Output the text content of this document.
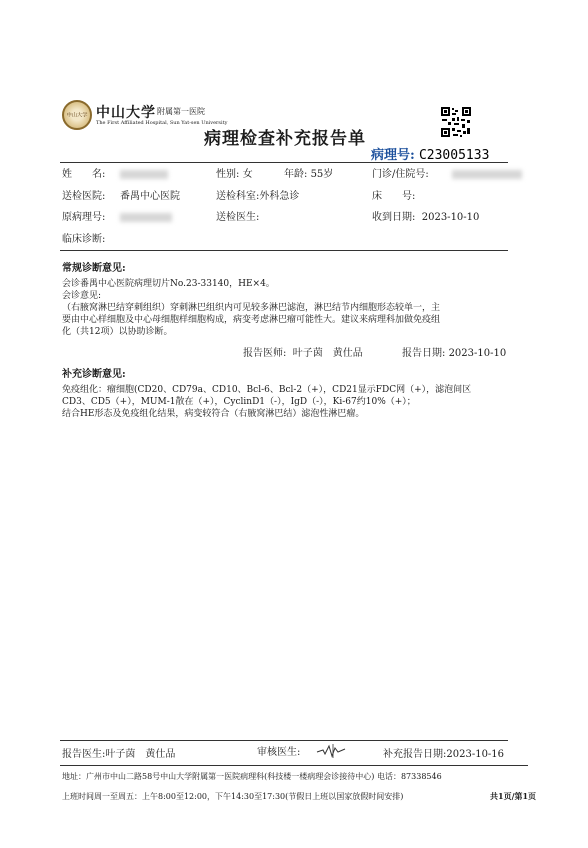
中山大学 中山大学 附属第一医院
The First Affiliated Hospital, Sun Yat-sen University
病理检查补充报告单
病理号: C23005133
姓　　名:	性别: 女	年龄: 55岁	门诊/住院号:
送检医院: 番禺中心医院	送检科室:外科急诊	床　　号:
原病理号:	送检医生:	收到日期: 2023-10-10
临床诊断:
常规诊断意见:

会诊番禺中心医院病理切片No.23-33140，HE×4。

会诊意见:

（右腋窝淋巴结穿刺组织）穿刺淋巴组织内可见较多淋巴滤泡，淋巴结节内细胞形态较单一，主

要由中心样细胞及中心母细胞样细胞构成，病变考虑淋巴瘤可能性大。建议来病理科加做免疫组

化（共12项）以协助诊断。

报告医师: 叶子茵　黄仕品	报告日期: 2023-10-10
补充诊断意见:

免疫组化：瘤细胞(CD20、CD79a、CD10、Bcl-6、Bcl-2（+），CD21显示FDC网（+），滤泡间区

CD3、CD5（+），MUM-1散在（+），CyclinD1（-），IgD（-），Ki-67约10%（+）；

结合HE形态及免疫组化结果，病变较符合（右腋窝淋巴结）滤泡性淋巴瘤。

报告医生:叶子茵　黄仕品	审核医生:	补充报告日期:2023-10-16
地址：广州市中山二路58号中山大学附属第一医院病理科(科技楼一楼病理会诊接待中心) 电话：87338546
上班时间周一至周五：上午8:00至12:00，下午14:30至17:30(节假日上班以国家放假时间安排)	共1页/第1页
